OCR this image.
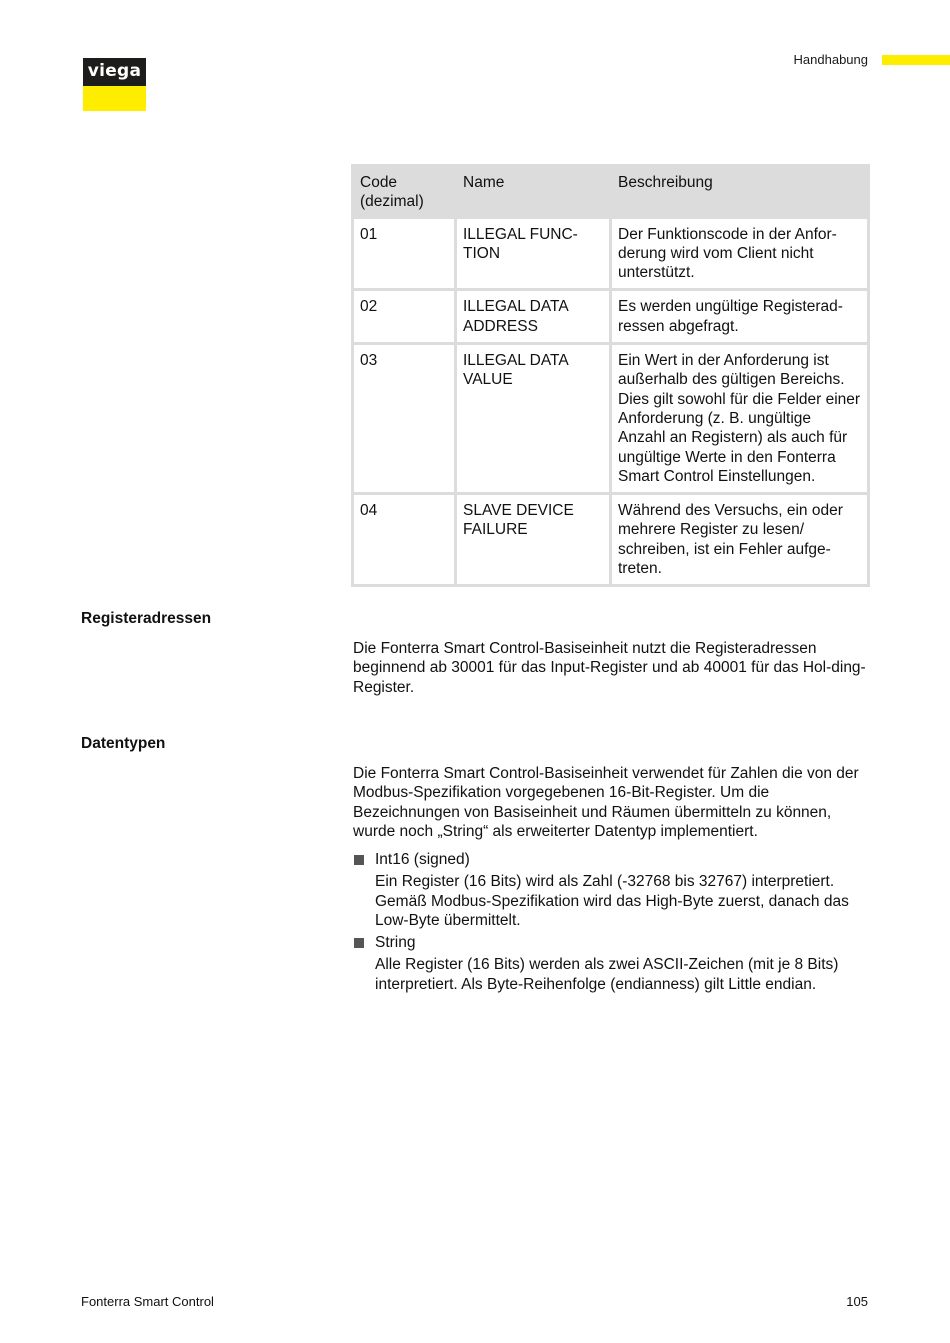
viega
Handhabung
Code (dezimal)	Name	Beschreibung
01	ILLEGAL FUNC-TION	Der Funktionscode in der Anfor-derung wird vom Client nicht unterstützt.
02	ILLEGAL DATA ADDRESS	Es werden ungültige Registerad-ressen abgefragt.
03	ILLEGAL DATA VALUE	Ein Wert in der Anforderung ist außerhalb des gültigen Bereichs. Dies gilt sowohl für die Felder einer Anforderung (z. B. ungültige Anzahl an Registern) als auch für ungültige Werte in den Fonterra Smart Control Einstellungen.
04	SLAVE DEVICE FAILURE	Während des Versuchs, ein oder mehrere Register zu lesen/ schreiben, ist ein Fehler aufge-treten.
Registeradressen

Die Fonterra Smart Control-Basiseinheit nutzt die Registeradressen beginnend ab 30001 für das Input-Register und ab 40001 für das Hol-ding-Register.

Datentypen

Die Fonterra Smart Control-Basiseinheit verwendet für Zahlen die von der Modbus-Spezifikation vorgegebenen 16-Bit-Register. Um die Bezeichnungen von Basiseinheit und Räumen übermitteln zu können, wurde noch „String“ als erweiterter Datentyp implementiert.

Int16 (signed)
Ein Register (16 Bits) wird als Zahl (-32768 bis 32767) interpretiert. Gemäß Modbus-Spezifikation wird das High-Byte zuerst, danach das Low-Byte übermittelt.
String
Alle Register (16 Bits) werden als zwei ASCII-Zeichen (mit je 8 Bits) interpretiert. Als Byte-Reihenfolge (endianness) gilt Little endian.
Fonterra Smart Control	105
